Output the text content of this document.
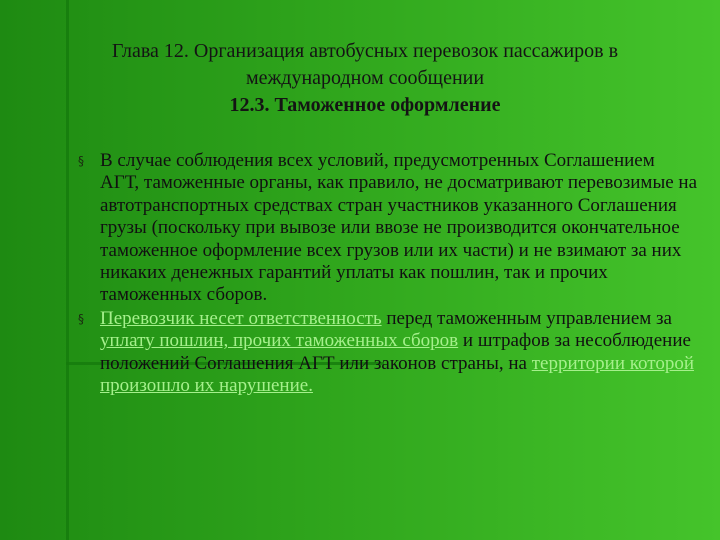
Глава 12. Организация автобусных перевозок пассажиров в
международном сообщении
12.3. Таможенное оформление
§ В случае соблюдения всех условий, предусмотренных Соглашением АГТ, таможенные органы, как правило, не досматривают перевозимые на автотранспортных средствах стран участников указанного Соглашения грузы (поскольку при вывозе или ввозе не производится окончательное таможенное оформление всех грузов или их части) и не взимают за них никаких денежных гарантий уплаты как пошлин, так и прочих таможенных сборов.
§ Перевозчик несет ответственность перед таможенным управлением за уплату пошлин, прочих таможенных сборов и штрафов за несоблюдение положений Соглашения АГТ или законов страны, на территории которой произошло их нарушение.
